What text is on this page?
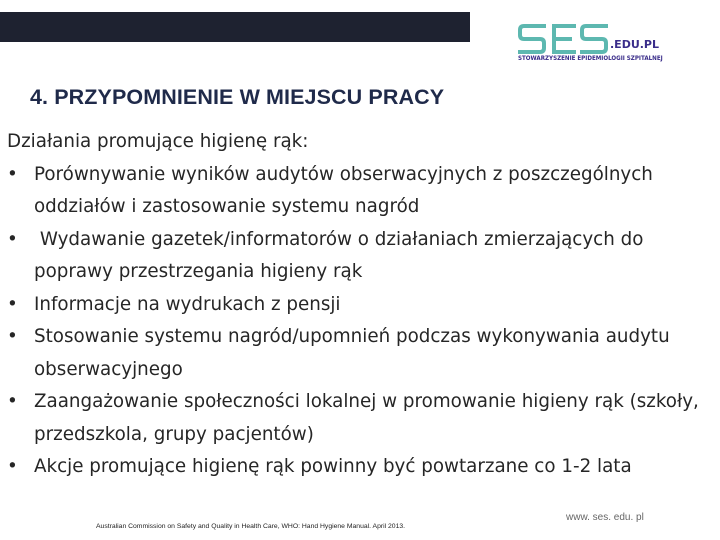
.EDU.PL
STOWARZYSZENIE EPIDEMIOLOGII SZPITALNEJ
4. PRZYPOMNIENIE W MIEJSCU PRACY

Działania promujące higienę rąk:

• Porównywanie wyników audytów obserwacyjnych z poszczególnych oddziałów i zastosowanie systemu nagród
• Wydawanie gazetek/informatorów o działaniach zmierzających do poprawy przestrzegania higieny rąk
• Informacje na wydrukach z pensji
• Stosowanie systemu nagród/upomnień podczas wykonywania audytu obserwacyjnego
• Zaangażowanie społeczności lokalnej w promowanie higieny rąk (szkoły, przedszkola, grupy pacjentów)
• Akcje promujące higienę rąk powinny być powtarzane co 1-2 lata
Australian Commission on Safety and Quality in Health Care, WHO: Hand Hygiene Manual. April 2013.
www. ses. edu. pl
